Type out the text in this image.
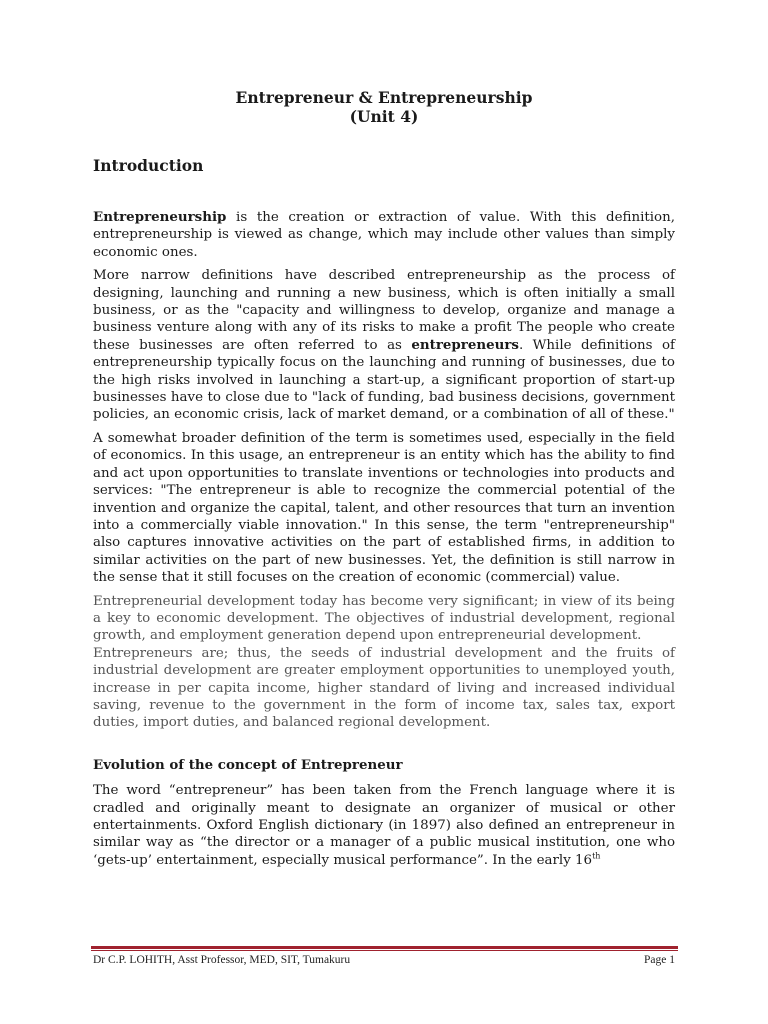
Entrepreneur & Entrepreneurship
(Unit 4)
Introduction

Entrepreneurship is the creation or extraction of value. With this definition, entrepreneurship is viewed as change, which may include other values than simply economic ones.

More narrow definitions have described entrepreneurship as the process of designing, launching and running a new business, which is often initially a small business, or as the "capacity and willingness to develop, organize and manage a business venture along with any of its risks to make a profit The people who create these businesses are often referred to as entrepreneurs. While definitions of entrepreneurship typically focus on the launching and running of businesses, due to the high risks involved in launching a start-up, a significant proportion of start-up businesses have to close due to "lack of funding, bad business decisions, government policies, an economic crisis, lack of market demand, or a combination of all of these."

A somewhat broader definition of the term is sometimes used, especially in the field of economics. In this usage, an entrepreneur is an entity which has the ability to find and act upon opportunities to translate inventions or technologies into products and services: "The entrepreneur is able to recognize the commercial potential of the invention and organize the capital, talent, and other resources that turn an invention into a commercially viable innovation." In this sense, the term "entrepreneurship" also captures innovative activities on the part of established firms, in addition to similar activities on the part of new businesses. Yet, the definition is still narrow in the sense that it still focuses on the creation of economic (commercial) value.

Entrepreneurial development today has become very significant; in view of its being a key to economic development. The objectives of industrial development, regional growth, and employment generation depend upon entrepreneurial development.

Entrepreneurs are; thus, the seeds of industrial development and the fruits of industrial development are greater employment opportunities to unemployed youth, increase in per capita income, higher standard of living and increased individual saving, revenue to the government in the form of income tax, sales tax, export duties, import duties, and balanced regional development.

Evolution of the concept of Entrepreneur

The word “entrepreneur” has been taken from the French language where it is cradled and originally meant to designate an organizer of musical or other entertainments. Oxford English dictionary (in 1897) also defined an entrepreneur in similar way as “the director or a manager of a public musical institution, one who ‘gets-up’ entertainment, especially musical performance”. In the early 16th

Dr C.P. LOHITH, Asst Professor, MED, SIT, Tumakuru	Page 1
